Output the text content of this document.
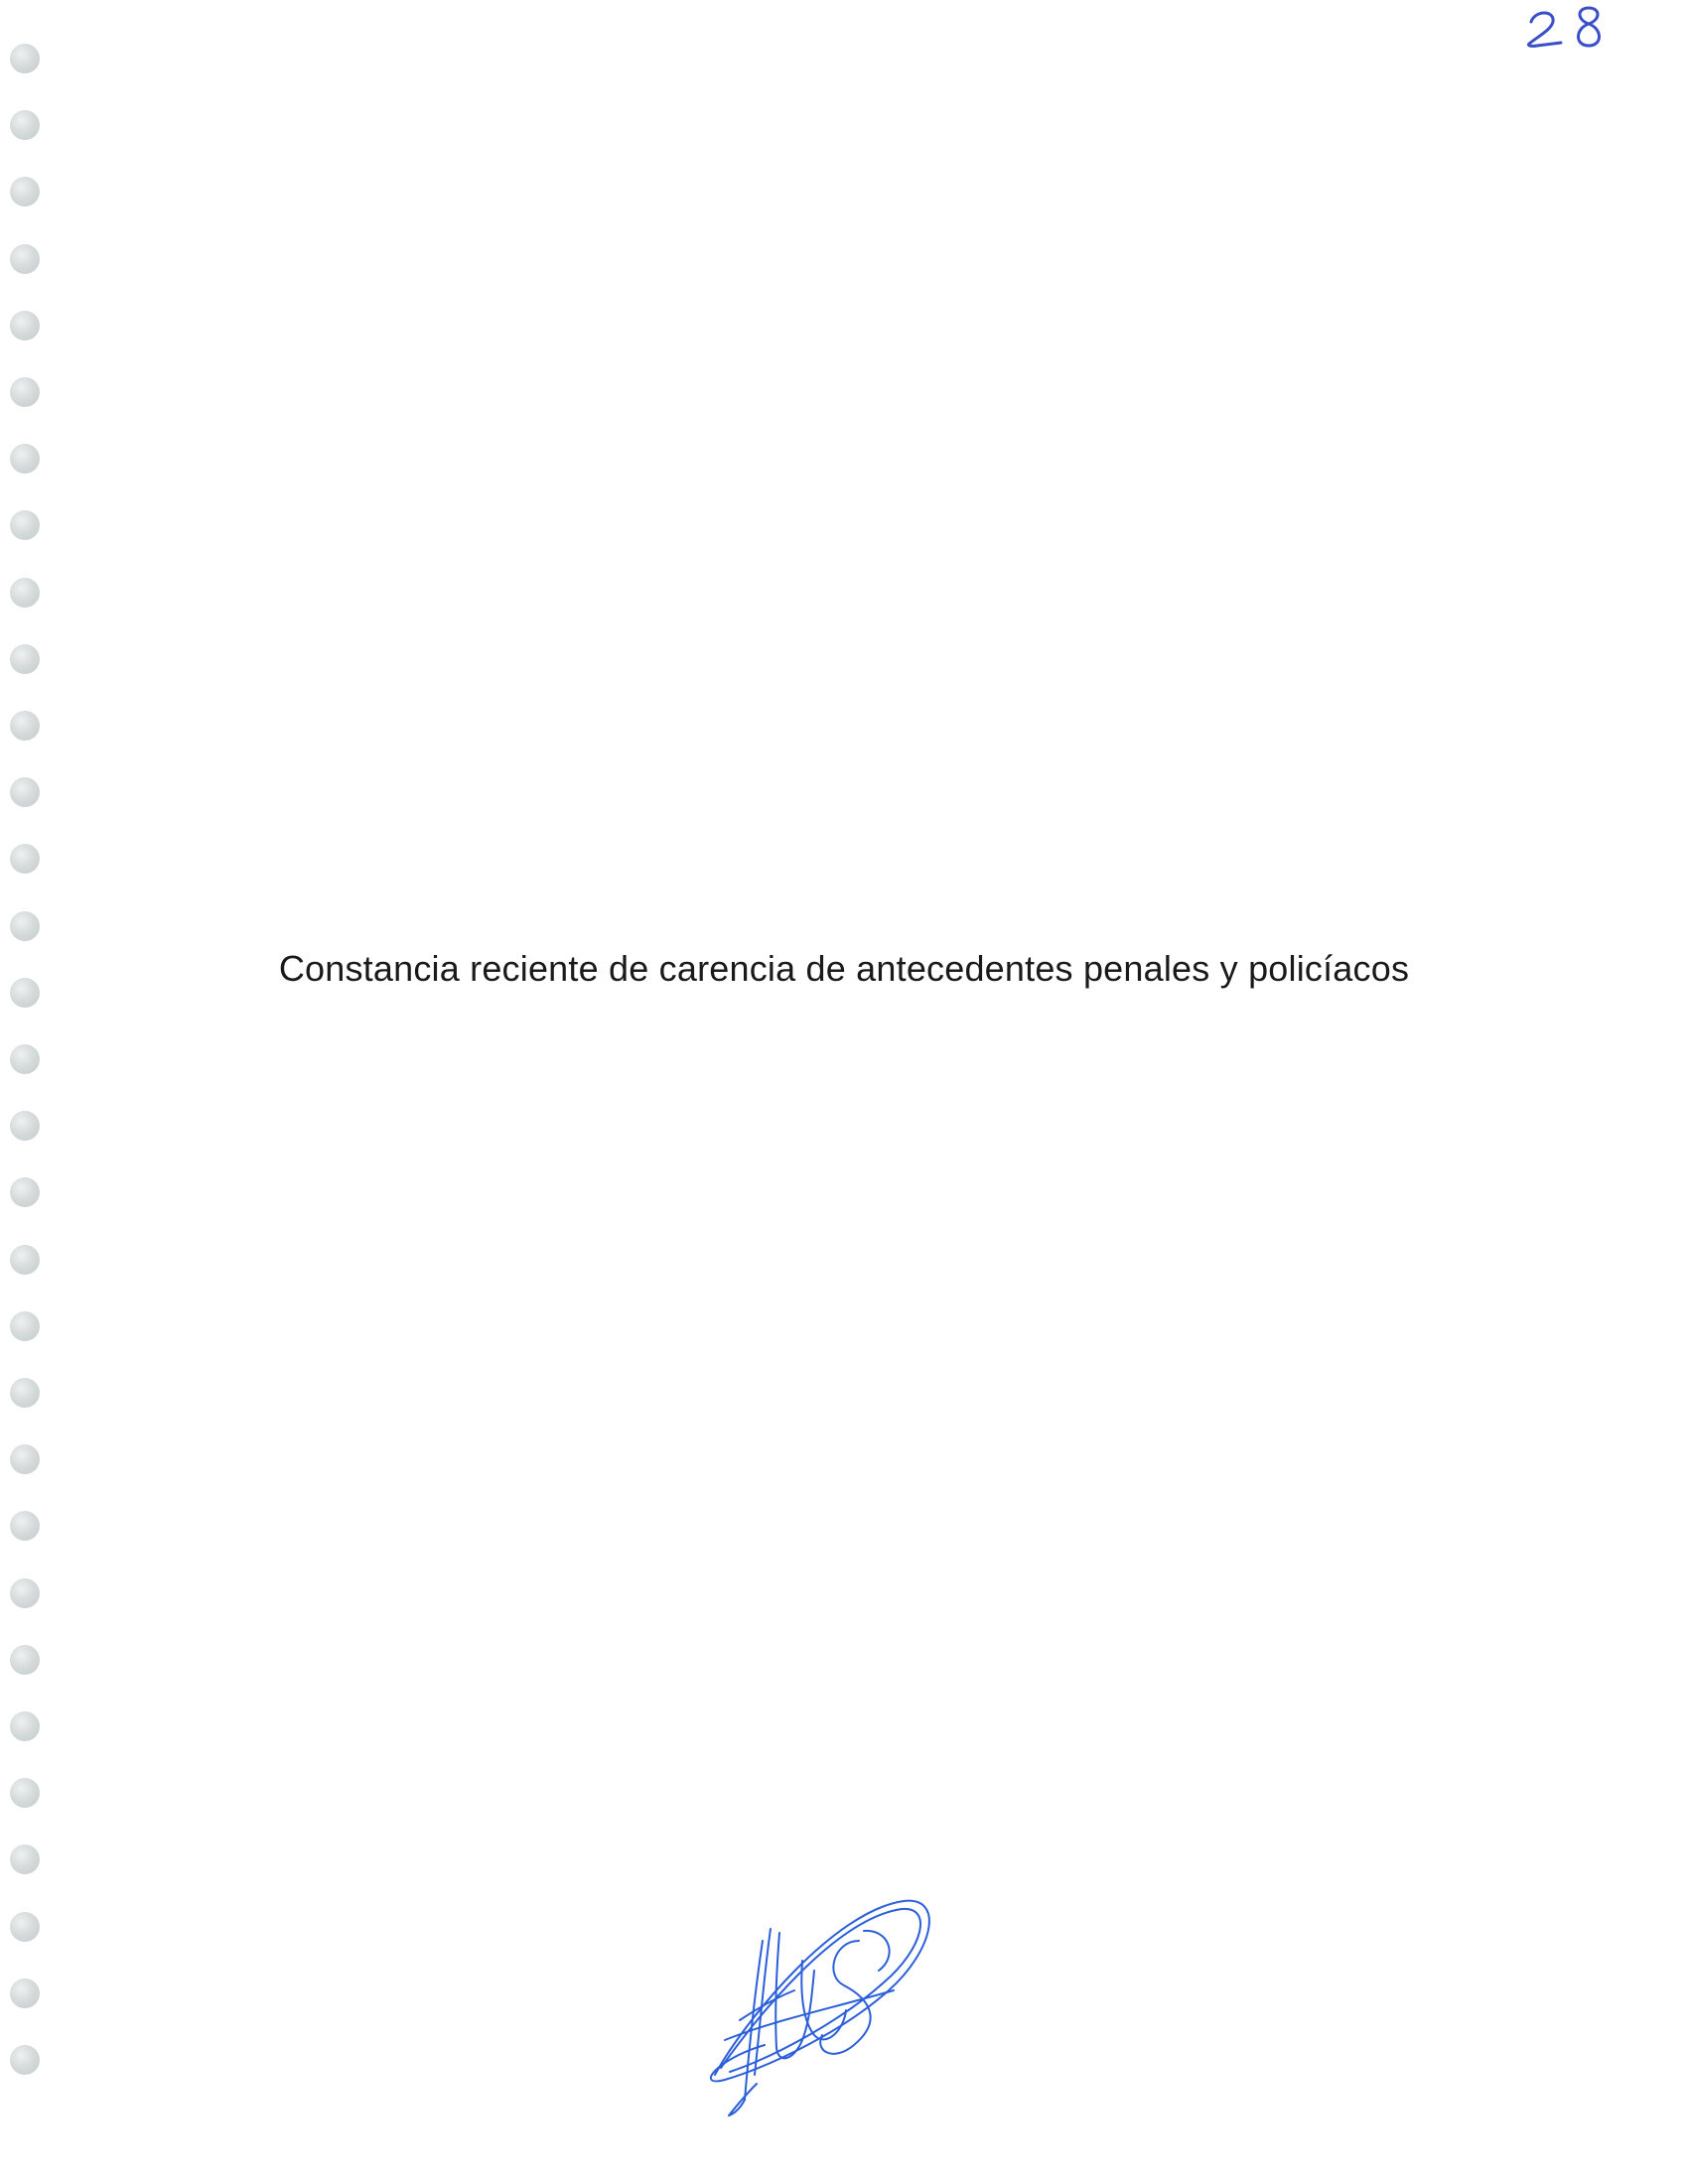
Constancia reciente de carencia de antecedentes penales y policíacos
